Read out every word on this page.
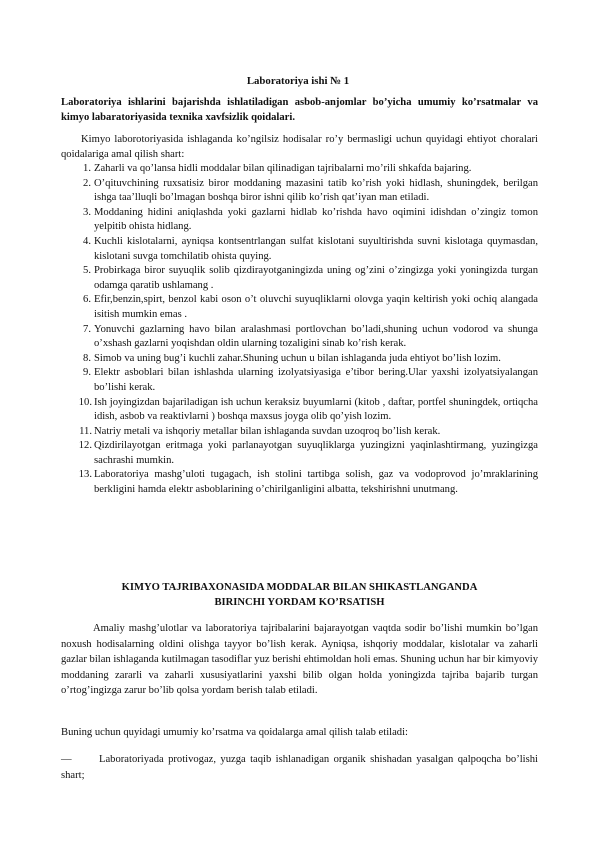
Laboratoriya ishi № 1
Laboratoriya ishlarini bajarishda ishlatiladigan asbob-anjomlar bo’yicha umumiy ko’rsatmalar va kimyo labaratoriyasida texnika xavfsizlik qoidalari.
Kimyo laborotoriyasida ishlaganda ko’ngilsiz hodisalar ro’y bermasligi uchun quyidagi ehtiyot choralari qoidalariga amal qilish shart:
1. Zaharli va qo’lansa hidli moddalar bilan qilinadigan tajribalarni mo’rili shkafda bajaring.
2. O’qituvchining ruxsatisiz biror moddaning mazasini tatib ko’rish yoki hidlash, shuningdek, berilgan ishga taa’lluqli bo’lmagan boshqa biror ishni qilib ko’rish qat’iyan man etiladi.
3. Moddaning hidini aniqlashda yoki gazlarni hidlab ko’rishda havo oqimini idishdan o’zingiz tomon yelpitib ohista hidlang.
4. Kuchli kislotalarni, ayniqsa kontsentrlangan sulfat kislotani suyultirishda suvni kislotaga quymasdan, kislotani suvga tomchilatib ohista quying.
5. Probirkaga biror suyuqlik solib qizdirayotganingizda uning og’zini o’zingizga yoki yoningizda turgan odamga qaratib ushlamang .
6. Efir,benzin,spirt, benzol kabi oson o’t oluvchi suyuqliklarni olovga yaqin keltirish yoki ochiq alangada isitish mumkin emas .
7. Yonuvchi gazlarning havo bilan aralashmasi portlovchan bo’ladi,shuning uchun vodorod va shunga o’xshash gazlarni yoqishdan oldin ularning tozaligini sinab ko’rish kerak.
8. Simob va uning bug’i kuchli zahar.Shuning uchun u bilan ishlaganda juda ehtiyot bo’lish lozim.
9. Elektr asboblari bilan ishlashda ularning izolyatsiyasiga e’tibor bering.Ular yaxshi izolyatsiyalangan bo’lishi kerak.
10. Ish joyingizdan bajariladigan ish uchun keraksiz buyumlarni (kitob , daftar, portfel shuningdek, ortiqcha idish, asbob va reaktivlarni ) boshqa maxsus joyga olib qo’yish lozim.
11. Natriy metali va ishqoriy metallar bilan ishlaganda suvdan uzoqroq bo’lish kerak.
12. Qizdirilayotgan eritmaga yoki parlanayotgan suyuqliklarga yuzingizni yaqinlashtirmang, yuzingizga sachrashi mumkin.
13. Laboratoriya mashg’uloti tugagach, ish stolini tartibga solish, gaz va vodoprovod jo’mraklarining berkligini hamda elektr asboblarining o’chirilganligini albatta, tekshirishni unutmang.
KIMYO TAJRIBAXONASIDA MODDALAR BILAN SHIKASTLANGANDA
BIRINCHI YORDAM KO’RSATISH
Amaliy mashg’ulotlar va laboratoriya tajribalarini bajarayotgan vaqtda sodir bo’lishi mumkin bo’lgan noxush hodisalarning oldini olishga tayyor bo’lish kerak. Ayniqsa, ishqoriy moddalar, kislotalar va zaharli gazlar bilan ishlaganda kutilmagan tasodiflar yuz berishi ehtimoldan holi emas. Shuning uchun har bir kimyoviy moddaning zararli va zaharli xususiyatlarini yaxshi bilib olgan holda yoningizda tajriba bajarib turgan o’rtog’ingizga zarur bo’lib qolsa yordam berish talab etiladi.
Buning uchun quyidagi umumiy ko’rsatma va qoidalarga amal qilish talab etiladi:
—	Laboratoriyada protivogaz, yuzga taqib ishlanadigan organik shishadan yasalgan qalpoqcha bo’lishi shart;
